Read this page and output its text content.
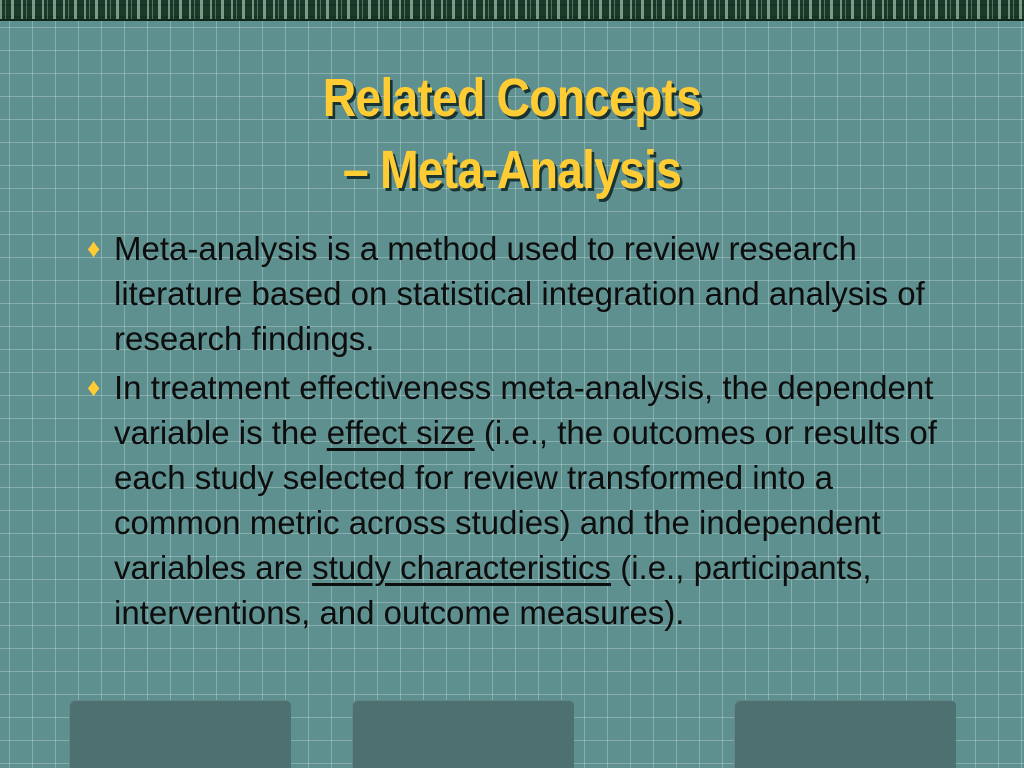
Related Concepts
– Meta-Analysis
♦ Meta-analysis is a method used to review research literature based on statistical integration and analysis of research findings.
♦ In treatment effectiveness meta-analysis, the dependent variable is the effect size (i.e., the outcomes or results of each study selected for review transformed into a common metric across studies) and the independent variables are study characteristics (i.e., participants, interventions, and outcome measures).
